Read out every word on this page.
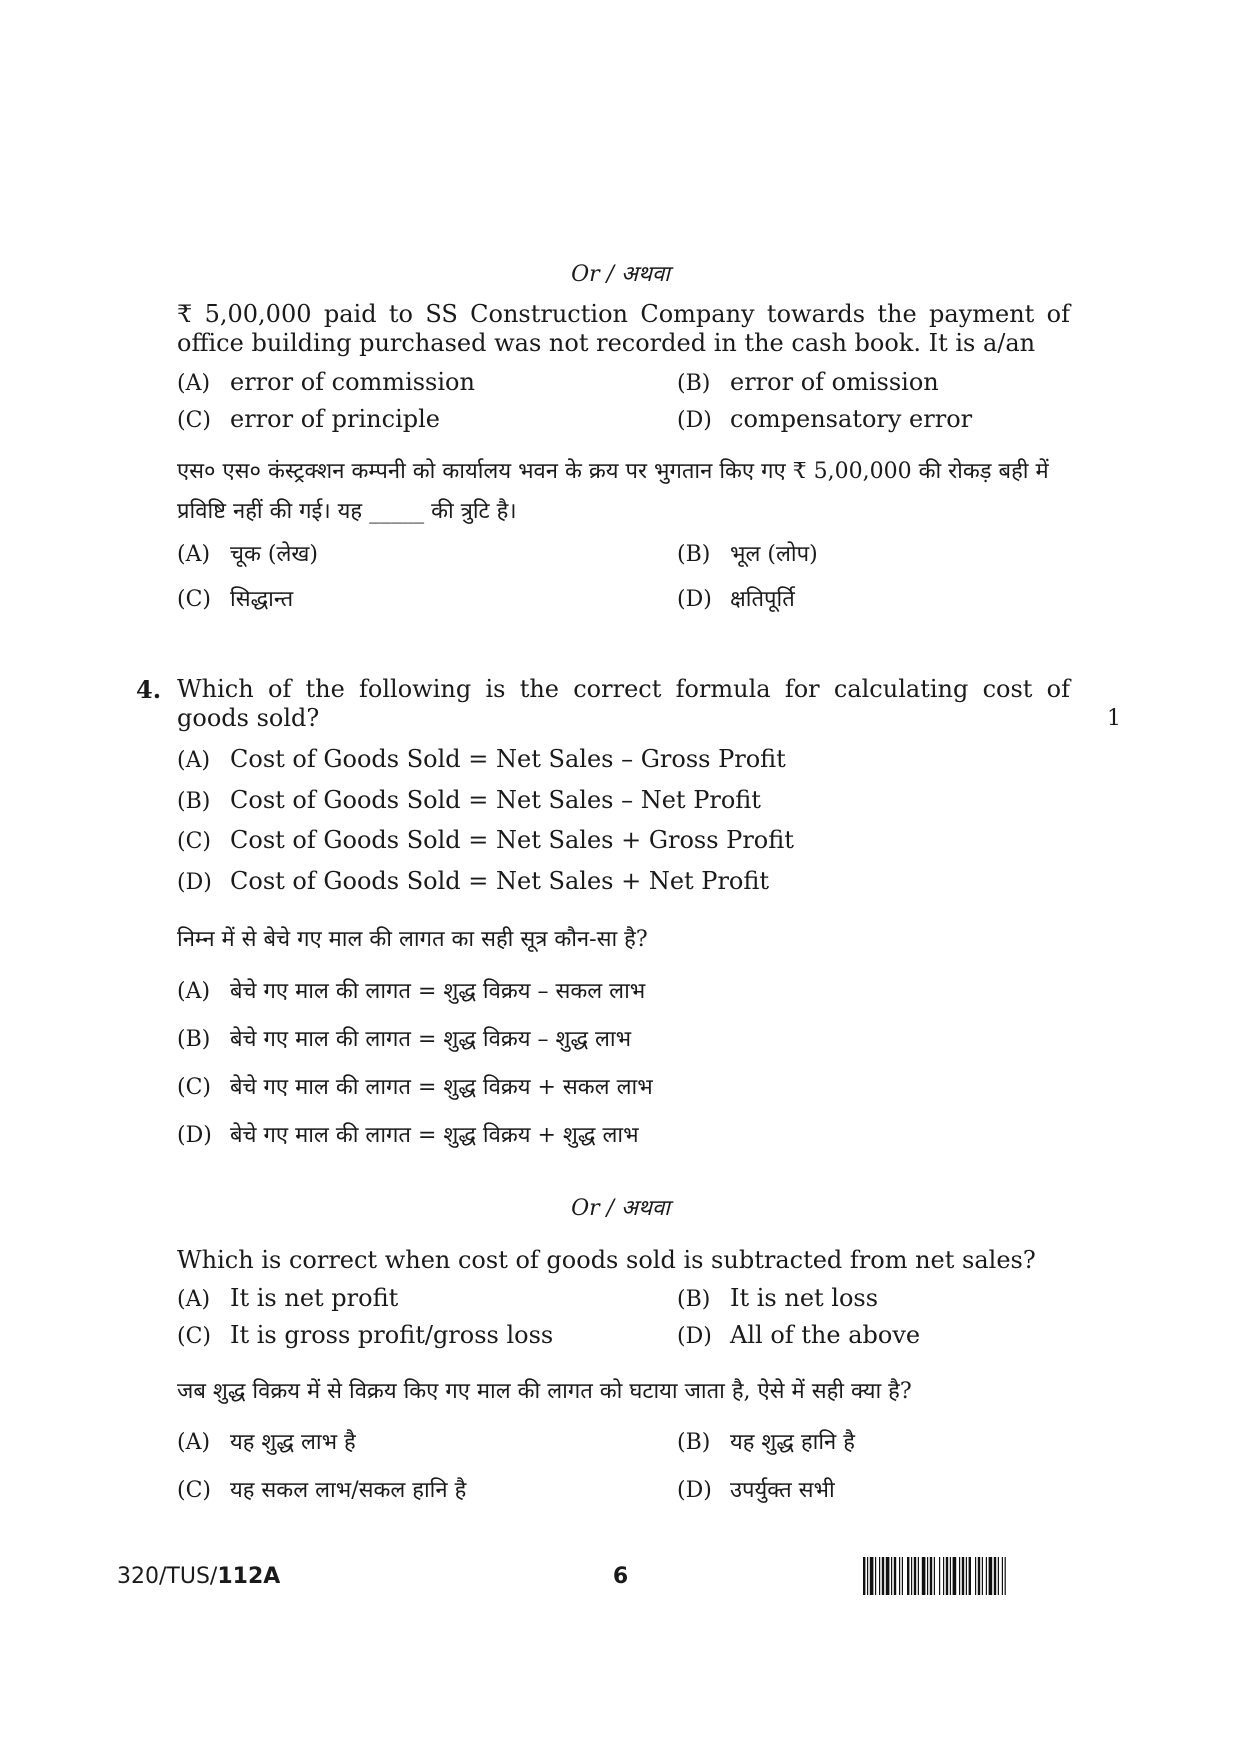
Or / अथवा
₹ 5,00,000 paid to SS Construction Company towards the payment of office building purchased was not recorded in the cash book. It is a/an
(A) error of commission	(B) error of omission
(C) error of principle	(D) compensatory error
एस० एस० कंस्ट्रक्शन कम्पनी को कार्यालय भवन के क्रय पर भुगतान किए गए ₹ 5,00,000 की रोकड़ बही में प्रविष्टि नहीं की गई। यह _____ की त्रुटि है।
(A) चूक (लेख)	(B) भूल (लोप)
(C) सिद्धान्त	(D) क्षतिपूर्ति
4. Which of the following is the correct formula for calculating cost of goods sold?	1
(A) Cost of Goods Sold = Net Sales – Gross Profit
(B) Cost of Goods Sold = Net Sales – Net Profit
(C) Cost of Goods Sold = Net Sales + Gross Profit
(D) Cost of Goods Sold = Net Sales + Net Profit
निम्न में से बेचे गए माल की लागत का सही सूत्र कौन-सा है?
(A) बेचे गए माल की लागत = शुद्ध विक्रय – सकल लाभ
(B) बेचे गए माल की लागत = शुद्ध विक्रय – शुद्ध लाभ
(C) बेचे गए माल की लागत = शुद्ध विक्रय + सकल लाभ
(D) बेचे गए माल की लागत = शुद्ध विक्रय + शुद्ध लाभ
Or / अथवा
Which is correct when cost of goods sold is subtracted from net sales?
(A) It is net profit	(B) It is net loss
(C) It is gross profit/gross loss	(D) All of the above
जब शुद्ध विक्रय में से विक्रय किए गए माल की लागत को घटाया जाता है, ऐसे में सही क्या है?
(A) यह शुद्ध लाभ है	(B) यह शुद्ध हानि है
(C) यह सकल लाभ/सकल हानि है	(D) उपर्युक्त सभी
320/TUS/112A	6
